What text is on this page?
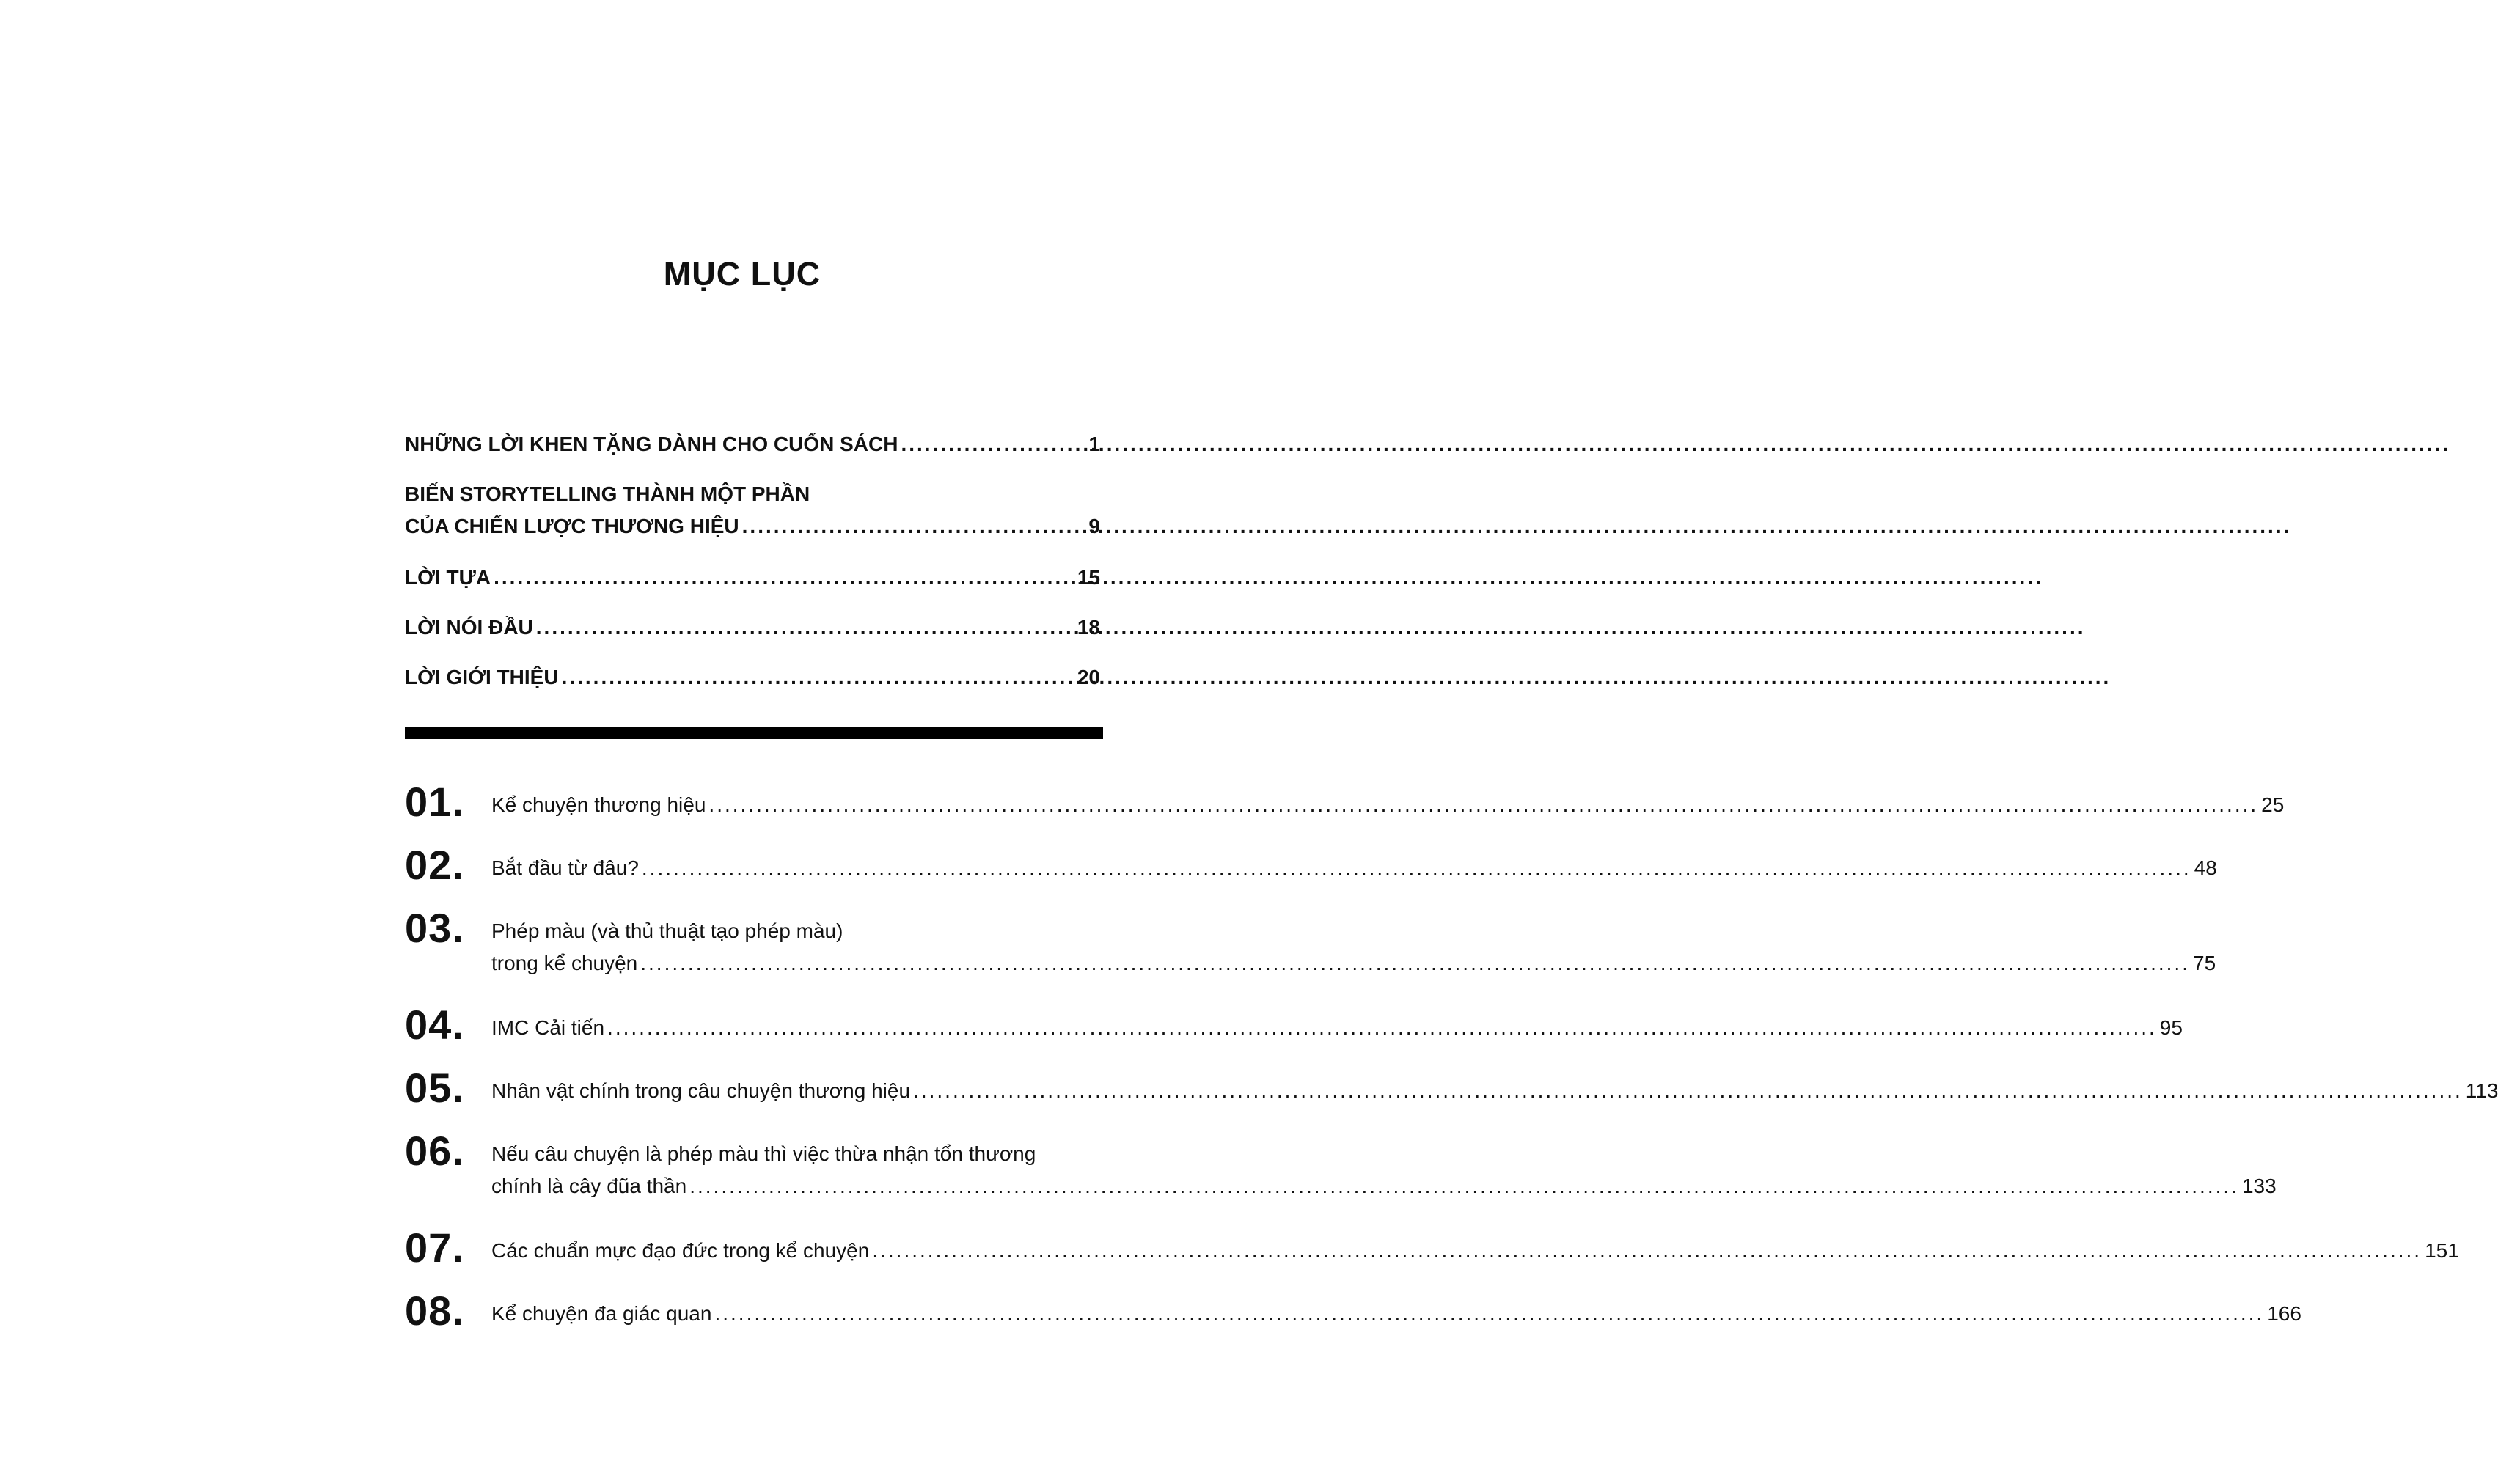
MỤC LỤC
NHỮNG LỜI KHEN TẶNG DÀNH CHO CUỐN SÁCH .....	1
BIẾN STORYTELLING THÀNH MỘT PHẦN
CỦA CHIẾN LƯỢC THƯƠNG HIỆU .....	9
LỜI TỰA .....	15
LỜI NÓI ĐẦU .....	18
LỜI GIỚI THIỆU .....	20
01.	Kể chuyện thương hiệu .....	25
02.	Bắt đầu từ đâu? .....	48
03.	Phép màu (và thủ thuật tạo phép màu)
trong kể chuyện .....	75
04.	IMC Cải tiến .....	95
05.	Nhân vật chính trong câu chuyện thương hiệu .....	113
06.	Nếu câu chuyện là phép màu thì việc thừa nhận tổn thương
chính là cây đũa thần .....	133
07.	Các chuẩn mực đạo đức trong kể chuyện .....	151
08.	Kể chuyện đa giác quan .....	166
